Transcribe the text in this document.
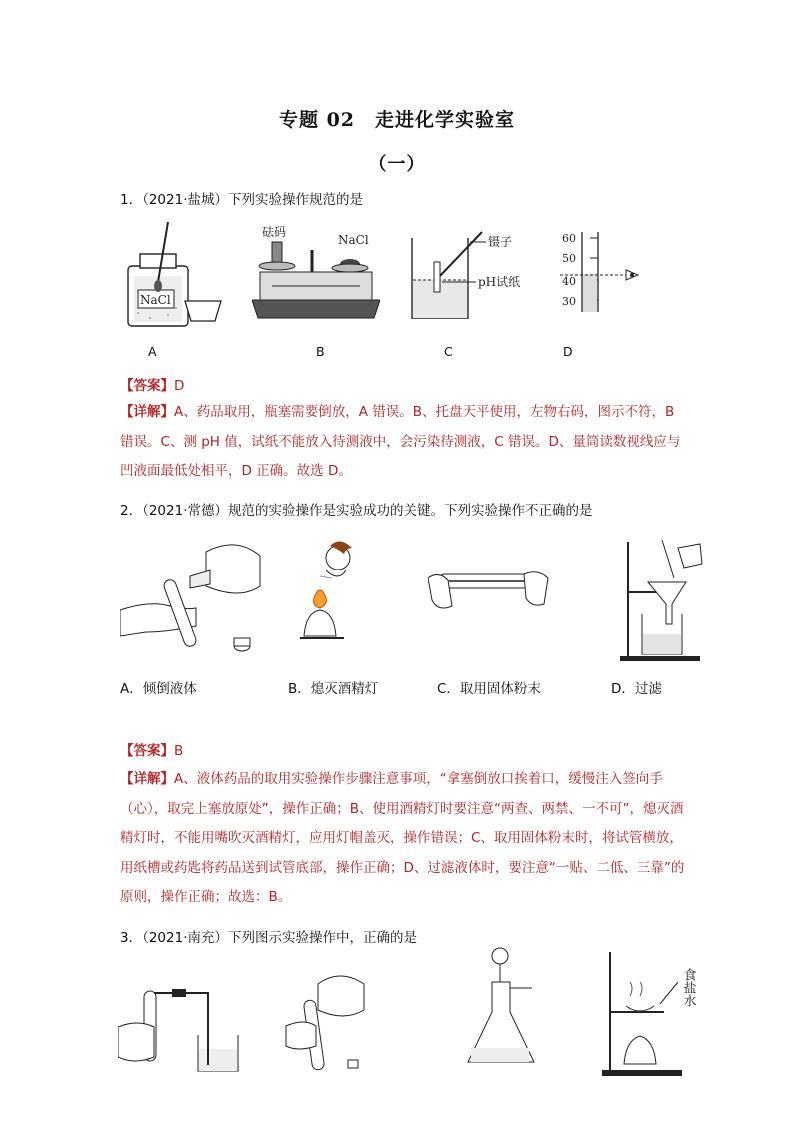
专题 02　走进化学实验室
（一）
1．（2021·盐城）下列实验操作规范的是
NaCl
A
砝码
NaCl
B
镊子
pH试纸
C
60
50
40
30
D
【答案】D
【详解】A、药品取用，瓶塞需要倒放，A 错误。B、托盘天平使用，左物右码，图示不符，B 错误。C、测 pH 值，试纸不能放入待测液中，会污染待测液，C 错误。D、量筒读数视线应与凹液面最低处相平，D 正确。故选 D。
2．（2021·常德）规范的实验操作是实验成功的关键。下列实验操作不正确的是
A．倾倒液体	B．熄灭酒精灯	C．取用固体粉末	D．过滤
【答案】B
【详解】A、液体药品的取用实验操作步骤注意事项，“拿塞倒放口挨着口，缓慢注入签向手（心），取完上塞放原处”，操作正确；B、使用酒精灯时要注意“两查、两禁、一不可”，熄灭酒精灯时，不能用嘴吹灭酒精灯，应用灯帽盖灭，操作错误；C、取用固体粉末时，将试管横放，用纸槽或药匙将药品送到试管底部，操作正确；D、过滤液体时，要注意“一贴、二低、三靠”的原则，操作正确；故选：B。
3．（2021·南充）下列图示实验操作中，正确的是
食盐水
